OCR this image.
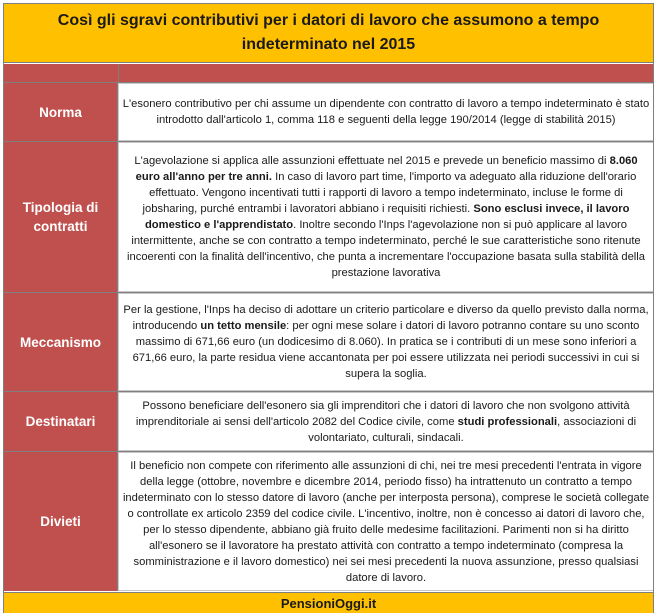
Così gli sgravi contributivi per i datori di lavoro che assumono a tempo indeterminato nel 2015
Norma
L'esonero contributivo per chi assume un dipendente con contratto di lavoro a tempo indeterminato è stato introdotto dall'articolo 1, comma 118 e seguenti della legge 190/2014 (legge di stabilità 2015)
Tipologia di contratti
L'agevolazione si applica alle assunzioni effettuate nel 2015 e prevede un beneficio massimo di 8.060 euro all'anno per tre anni. In caso di lavoro part time, l'importo va adeguato alla riduzione dell'orario effettuato. Vengono incentivati tutti i rapporti di lavoro a tempo indeterminato, incluse le forme di jobsharing, purché entrambi i lavoratori abbiano i requisiti richiesti. Sono esclusi invece, il lavoro domestico e l'apprendistato. Inoltre secondo l'Inps l'agevolazione non si può applicare al lavoro intermittente, anche se con contratto a tempo indeterminato, perché le sue caratteristiche sono ritenute incoerenti con la finalità dell'incentivo, che punta a incrementare l'occupazione basata sulla stabilità della prestazione lavorativa
Meccanismo
Per la gestione, l'Inps ha deciso di adottare un criterio particolare e diverso da quello previsto dalla norma, introducendo un tetto mensile: per ogni mese solare i datori di lavoro potranno contare su uno sconto massimo di 671,66 euro (un dodicesimo di 8.060). In pratica se i contributi di un mese sono inferiori a 671,66 euro, la parte residua viene accantonata per poi essere utilizzata nei periodi successivi in cui si supera la soglia.
Destinatari
Possono beneficiare dell'esonero sia gli imprenditori che i datori di lavoro che non svolgono attività imprenditoriale ai sensi dell'articolo 2082 del Codice civile, come studi professionali, associazioni di volontariato, culturali, sindacali.
Divieti
Il beneficio non compete con riferimento alle assunzioni di chi, nei tre mesi precedenti l'entrata in vigore della legge (ottobre, novembre e dicembre 2014, periodo fisso) ha intrattenuto un contratto a tempo indeterminato con lo stesso datore di lavoro (anche per interposta persona), comprese le società collegate o controllate ex articolo 2359 del codice civile. L'incentivo, inoltre, non è concesso ai datori di lavoro che, per lo stesso dipendente, abbiano già fruito delle medesime facilitazioni. Parimenti non si ha diritto all'esonero se il lavoratore ha prestato attività con contratto a tempo indeterminato (compresa la somministrazione e il lavoro domestico) nei sei mesi precedenti la nuova assunzione, presso qualsiasi datore di lavoro.
PensioniOggi.it
